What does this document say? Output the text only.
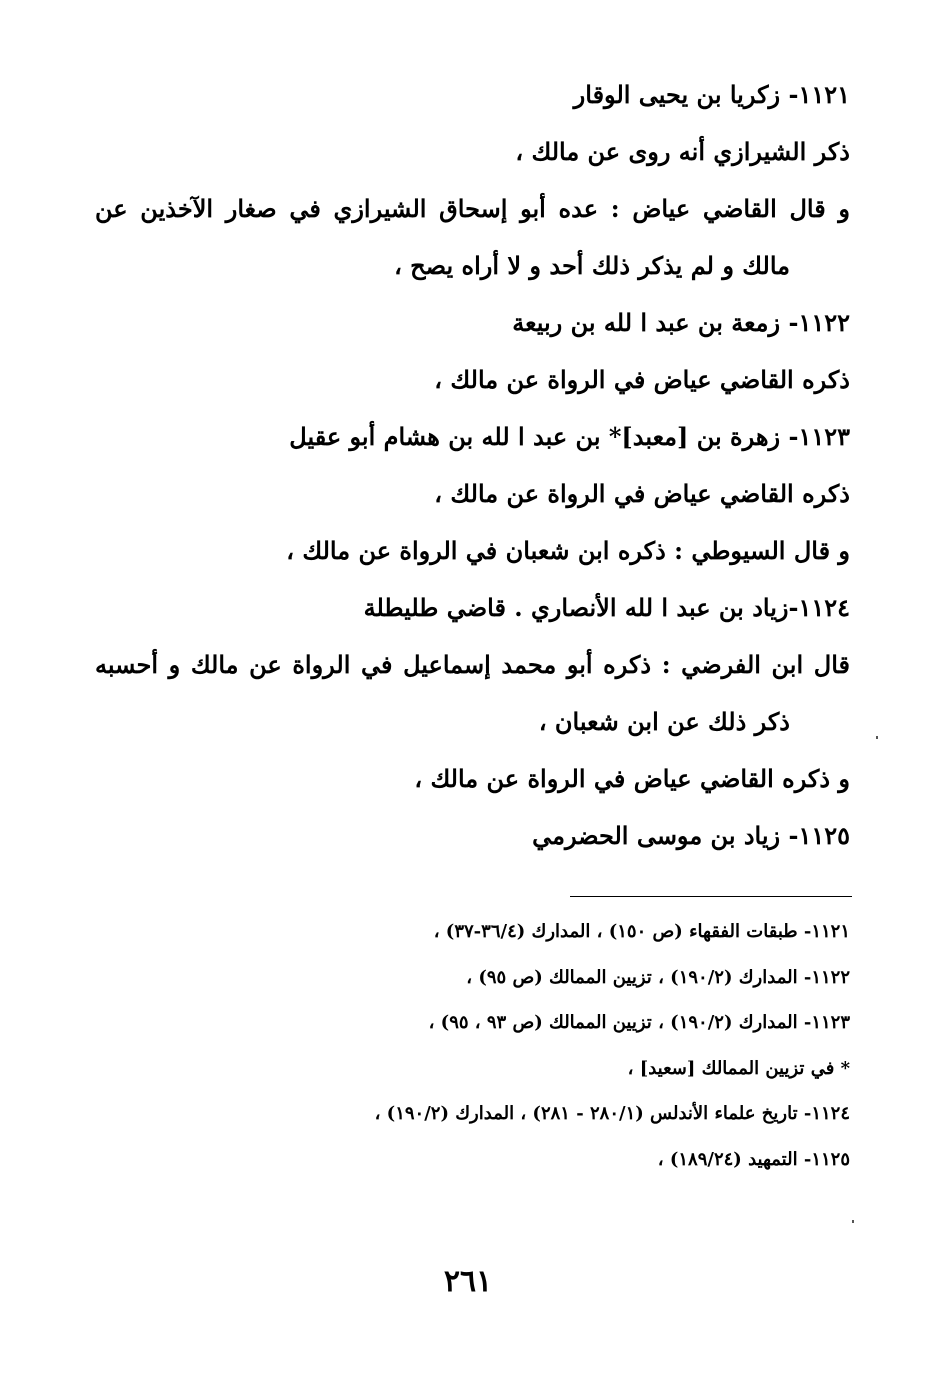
١١٢١- زكريا بن يحيى الوقار
ذكر الشيرازي أنه روى عن مالك ،
و قال القاضي عياض : عده أبو إسحاق الشيرازي في صغار الآخذين عن
مالك و لم يذكر ذلك أحد و لا أراه يصح ،
١١٢٢- زمعة بن عبد ا لله بن ربيعة
ذكره القاضي عياض في الرواة عن مالك ،
١١٢٣- زهرة بن [معبد]* بن عبد ا لله بن هشام أبو عقيل
ذكره القاضي عياض في الرواة عن مالك ،
و قال السيوطي : ذكره ابن شعبان في الرواة عن مالك ،
١١٢٤-زياد بن عبد ا لله الأنصاري . قاضي طليطلة
قال ابن الفرضي : ذكره أبو محمد إسماعيل في الرواة عن مالك و أحسبه
ذكر ذلك عن ابن شعبان ،
و ذكره القاضي عياض في الرواة عن مالك ،
١١٢٥- زياد بن موسى الحضرمي
١١٢١- طبقات الفقهاء (ص ١٥٠) ، المدارك (٣٦/٤-٣٧) ،
١١٢٢- المدارك (١٩٠/٢) ، تزيين الممالك (ص ٩٥) ،
١١٢٣- المدارك (١٩٠/٢) ، تزيين الممالك (ص ٩٣ ، ٩٥) ،
* في تزيين الممالك [سعيد] ،
١١٢٤- تاريخ علماء الأندلس (٢٨٠/١ - ٢٨١) ، المدارك (١٩٠/٢) ،
١١٢٥- التمهيد (١٨٩/٢٤) ،
٢٦١
